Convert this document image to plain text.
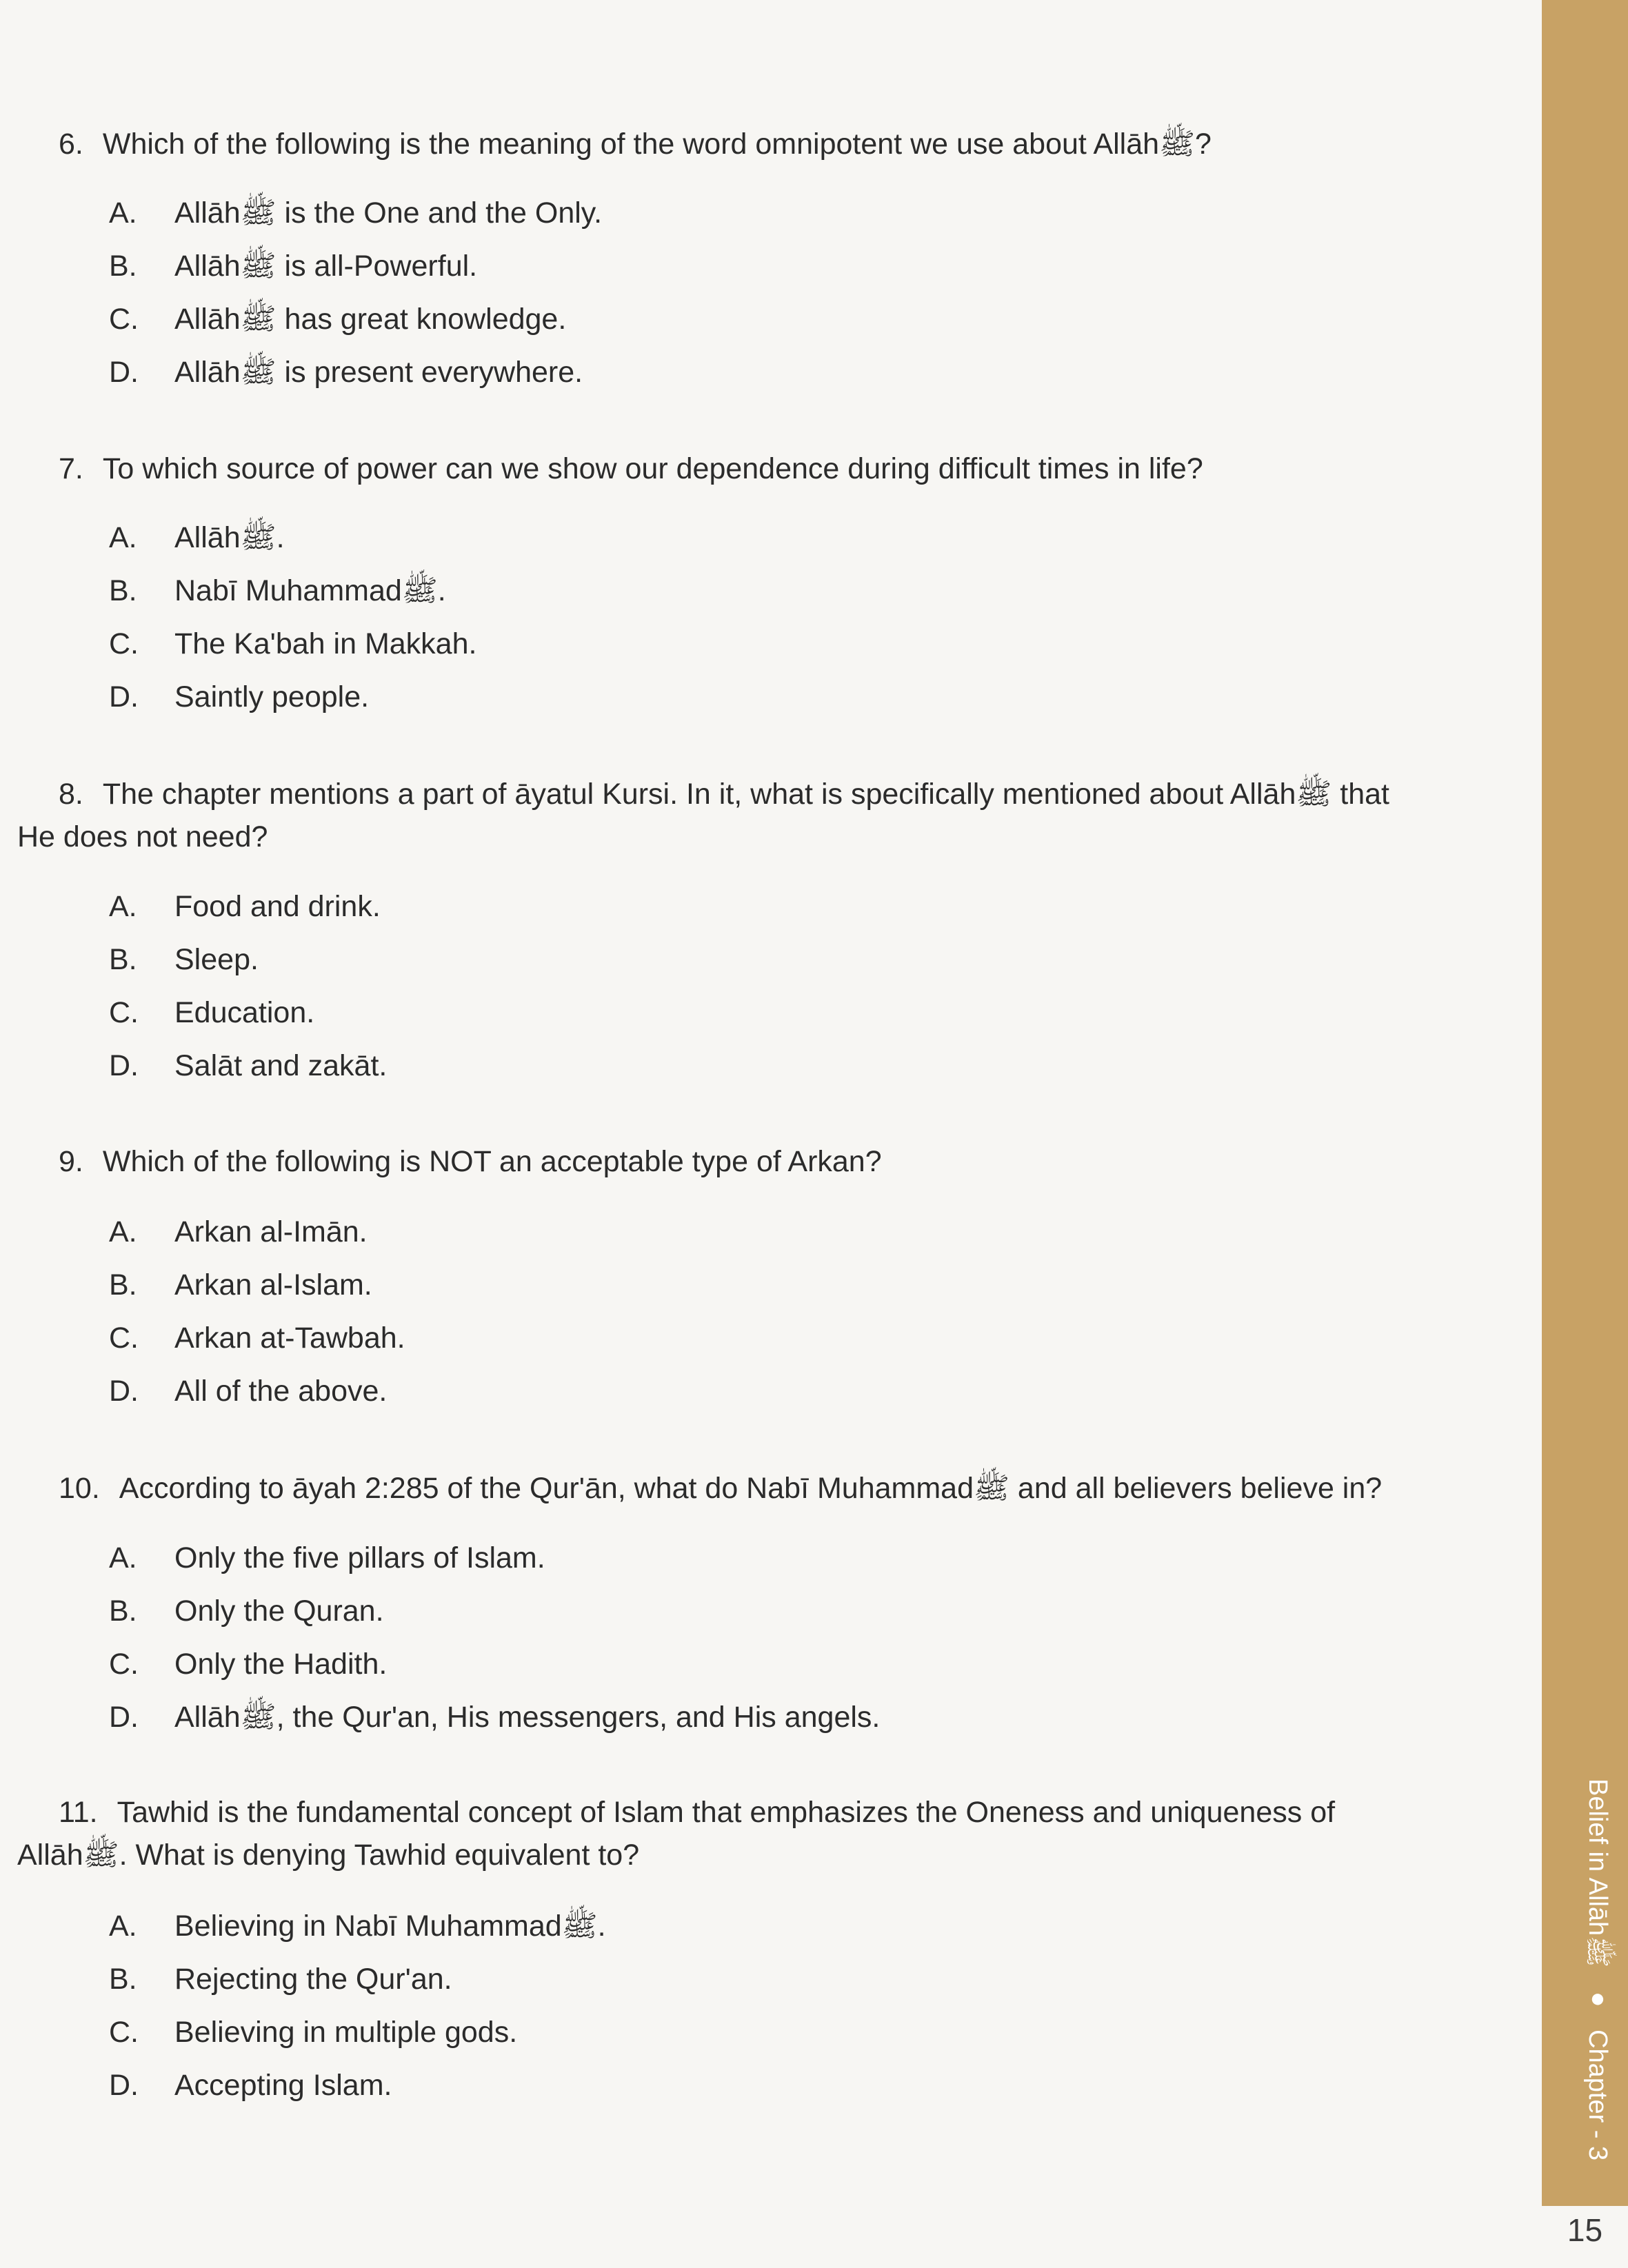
6. Which of the following is the meaning of the word omnipotent we use about Allāhﷺ?
A. Allāhﷺ is the One and the Only.
B. Allāhﷺ is all-Powerful.
C. Allāhﷺ has great knowledge.
D. Allāhﷺ is present everywhere.
7. To which source of power can we show our dependence during difficult times in life?
A. Allāhﷺ.
B. Nabī Muhammadﷺ.
C. The Ka'bah in Makkah.
D. Saintly people.
8. The chapter mentions a part of āyatul Kursi. In it, what is specifically mentioned about Allāhﷺ that
He does not need?
A. Food and drink.
B. Sleep.
C. Education.
D. Salāt and zakāt.
9. Which of the following is NOT an acceptable type of Arkan?
A. Arkan al-Imān.
B. Arkan al-Islam.
C. Arkan at-Tawbah.
D. All of the above.
10. According to āyah 2:285 of the Qur'ān, what do Nabī Muhammadﷺ and all believers believe in?
A. Only the five pillars of Islam.
B. Only the Quran.
C. Only the Hadith.
D. Allāhﷺ, the Qur'an, His messengers, and His angels.
11. Tawhid is the fundamental concept of Islam that emphasizes the Oneness and uniqueness of
Allāhﷺ. What is denying Tawhid equivalent to?
A. Believing in Nabī Muhammadﷺ.
B. Rejecting the Qur'an.
C. Believing in multiple gods.
D. Accepting Islam.
Belief in Allāhﷺ●Chapter - 3
15
